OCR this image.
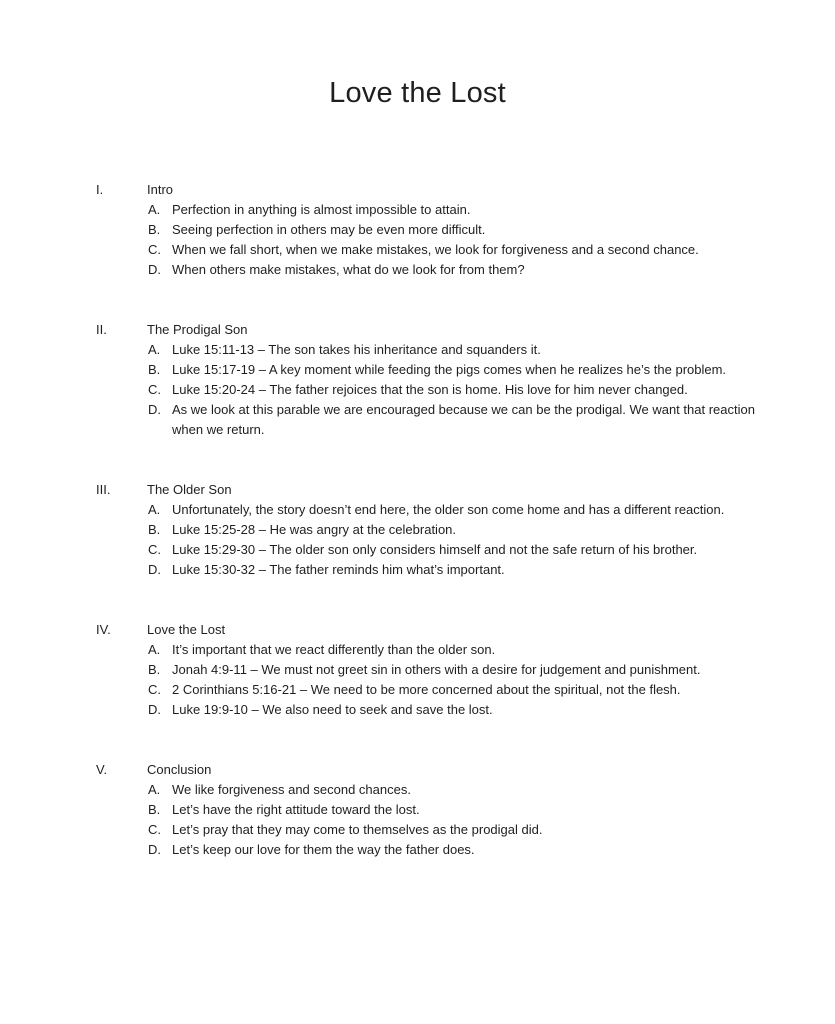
Love the Lost
I.	Intro
A. Perfection in anything is almost impossible to attain.
B. Seeing perfection in others may be even more difficult.
C. When we fall short, when we make mistakes, we look for forgiveness and a second chance.
D. When others make mistakes, what do we look for from them?
II.	The Prodigal Son
A. Luke 15:11-13 – The son takes his inheritance and squanders it.
B. Luke 15:17-19 – A key moment while feeding the pigs comes when he realizes he’s the problem.
C. Luke 15:20-24 – The father rejoices that the son is home. His love for him never changed.
D. As we look at this parable we are encouraged because we can be the prodigal. We want that reaction when we return.
III.	The Older Son
A. Unfortunately, the story doesn’t end here, the older son come home and has a different reaction.
B. Luke 15:25-28 – He was angry at the celebration.
C. Luke 15:29-30 – The older son only considers himself and not the safe return of his brother.
D. Luke 15:30-32 – The father reminds him what’s important.
IV.	Love the Lost
A. It’s important that we react differently than the older son.
B. Jonah 4:9-11 – We must not greet sin in others with a desire for judgement and punishment.
C. 2 Corinthians 5:16-21 – We need to be more concerned about the spiritual, not the flesh.
D. Luke 19:9-10 – We also need to seek and save the lost.
V.	Conclusion
A. We like forgiveness and second chances.
B. Let’s have the right attitude toward the lost.
C. Let’s pray that they may come to themselves as the prodigal did.
D. Let’s keep our love for them the way the father does.
